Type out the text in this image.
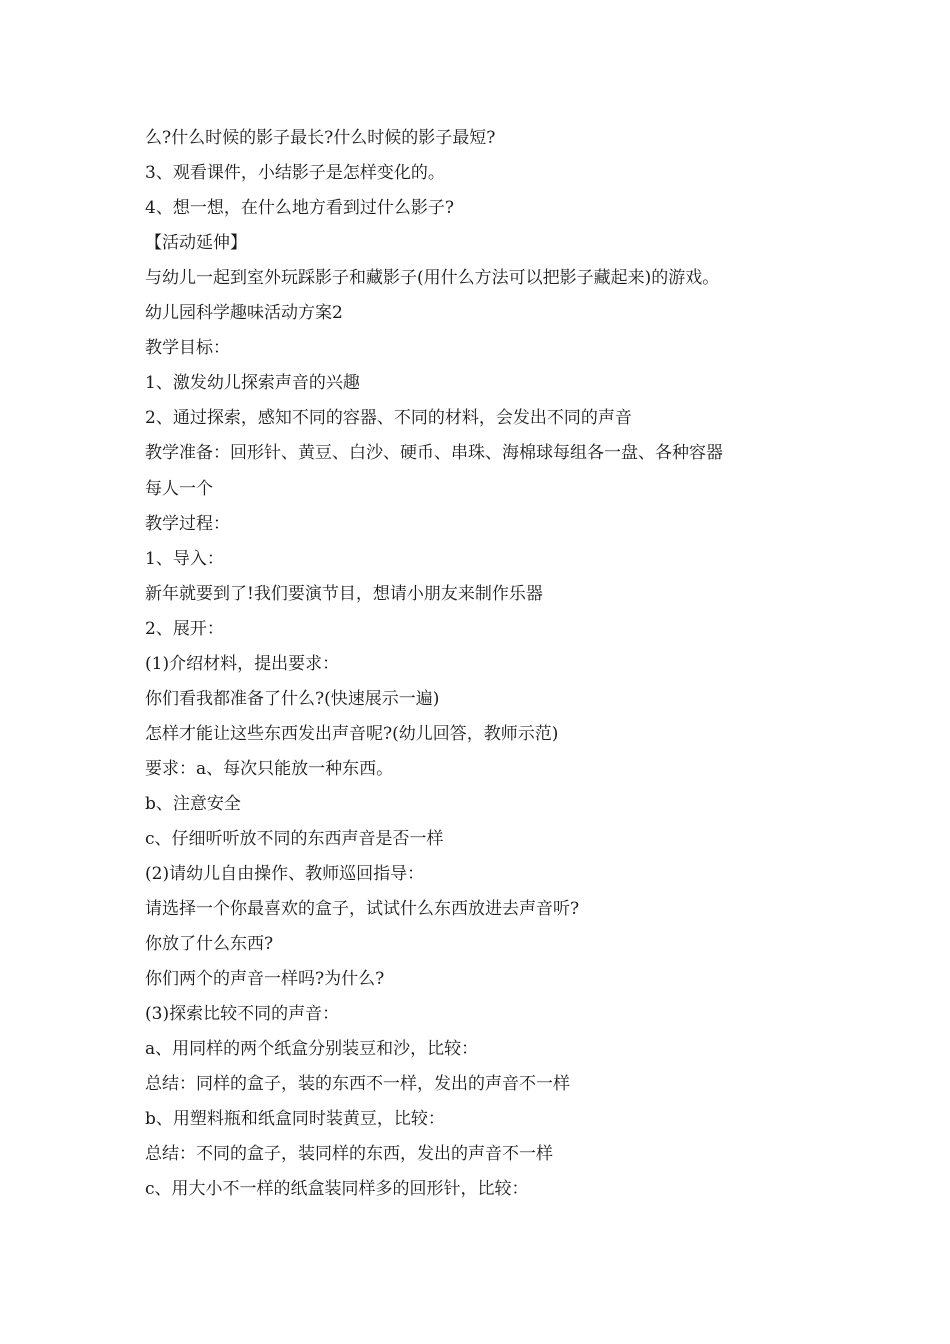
么?什么时候的影子最长?什么时候的影子最短?
3、观看课件，小结影子是怎样变化的。
4、想一想，在什么地方看到过什么影子?
【活动延伸】
与幼儿一起到室外玩踩影子和藏影子(用什么方法可以把影子藏起来)的游戏。
幼儿园科学趣味活动方案2
教学目标：
1、激发幼儿探索声音的兴趣
2、通过探索，感知不同的容器、不同的材料，会发出不同的声音
教学准备：回形针、黄豆、白沙、硬币、串珠、海棉球每组各一盘、各种容器
每人一个
教学过程：
1、导入：
新年就要到了!我们要演节目，想请小朋友来制作乐器
2、展开：
(1)介绍材料，提出要求：
你们看我都准备了什么?(快速展示一遍)
怎样才能让这些东西发出声音呢?(幼儿回答，教师示范)
要求：a、每次只能放一种东西。
b、注意安全
c、仔细听听放不同的东西声音是否一样
(2)请幼儿自由操作、教师巡回指导：
请选择一个你最喜欢的盒子，试试什么东西放进去声音听?
你放了什么东西?
你们两个的声音一样吗?为什么?
(3)探索比较不同的声音：
a、用同样的两个纸盒分别装豆和沙，比较：
总结：同样的盒子，装的东西不一样，发出的声音不一样
b、用塑料瓶和纸盒同时装黄豆，比较：
总结：不同的盒子，装同样的东西，发出的声音不一样
c、用大小不一样的纸盒装同样多的回形针，比较：
